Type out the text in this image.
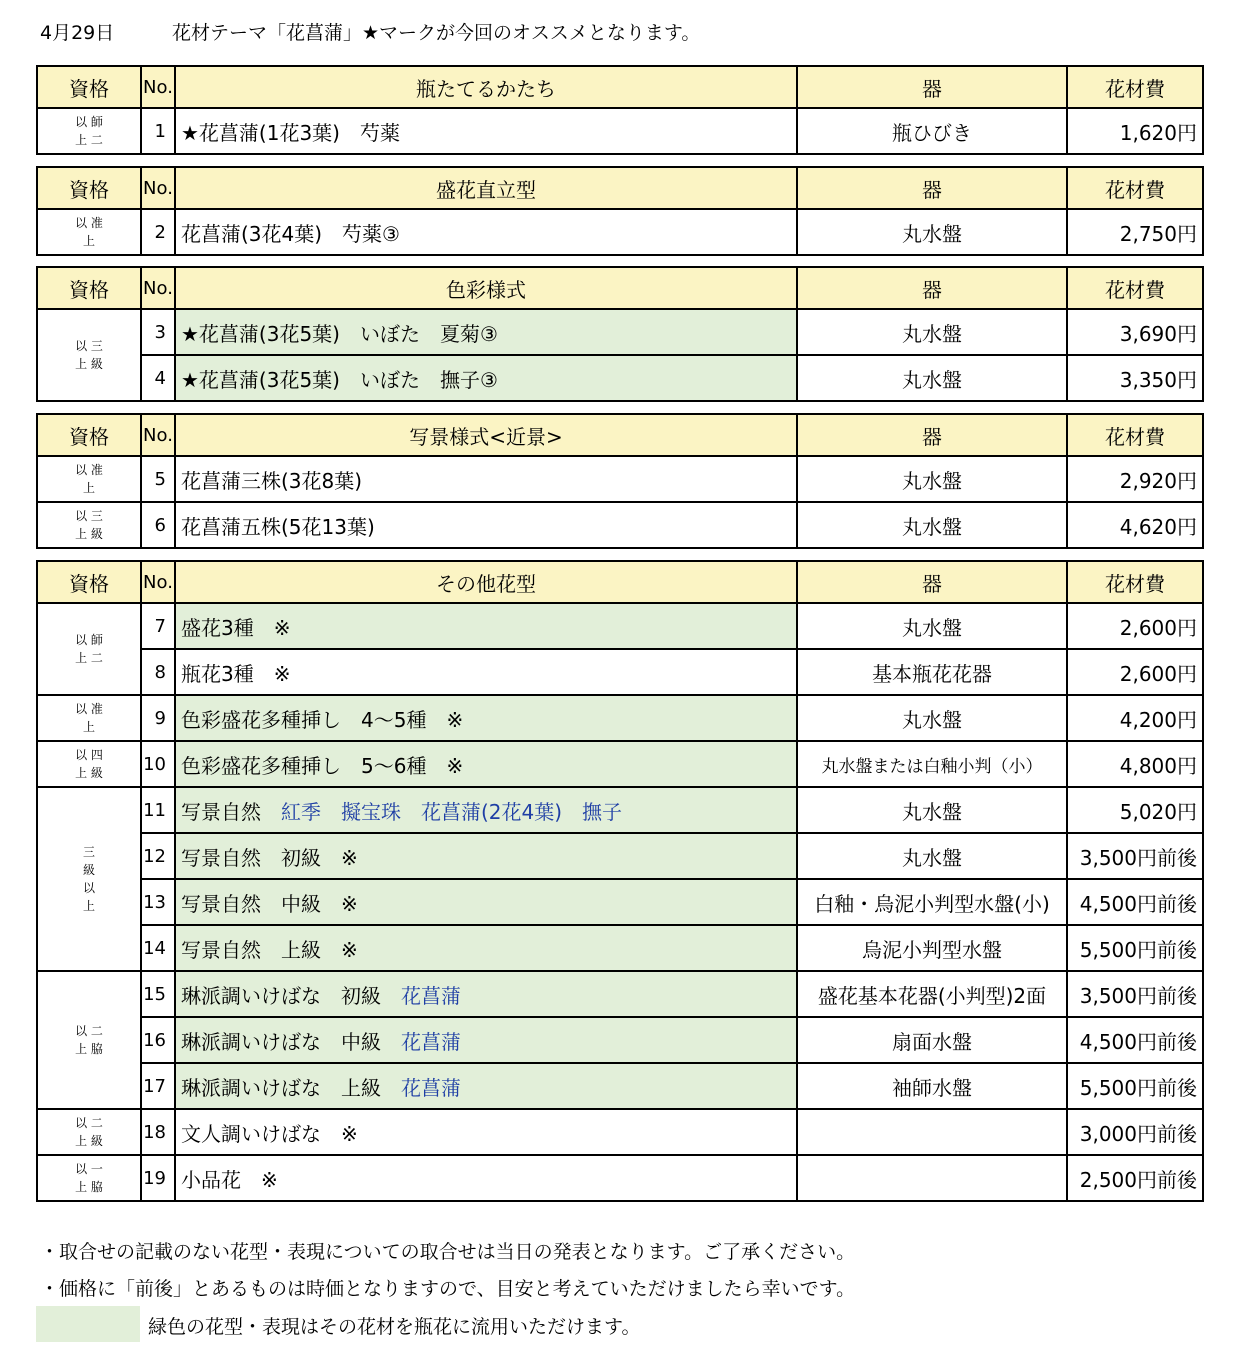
4月29日	花材テーマ「花菖蒲」★マークが今回のオススメとなります。
資格	No.	瓶たてるかたち	器	花材費

以 師
上 二	1	★花菖蒲(1花3葉)　芍薬	瓶ひびき	1,620円
資格	No.	盛花直立型	器	花材費

以 准
上	2	花菖蒲(3花4葉)　芍薬③	丸水盤	2,750円
資格	No.	色彩様式	器	花材費

以 三
上 級	3	★花菖蒲(3花5葉)　いぼた　夏菊③	丸水盤	3,690円
	4	★花菖蒲(3花5葉)　いぼた　撫子③	丸水盤	3,350円
資格	No.	写景様式<近景>	器	花材費

以 准
上	5	花菖蒲三株(3花8葉)	丸水盤	2,920円

以 三
上 級	6	花菖蒲五株(5花13葉)	丸水盤	4,620円
資格	No.	その他花型	器	花材費

以 師
上 二	7	盛花3種　※	丸水盤	2,600円
	8	瓶花3種　※	基本瓶花花器	2,600円

以 准
上	9	色彩盛花多種挿し　4～5種　※	丸水盤	4,200円

以 四
上 級	10	色彩盛花多種挿し　5～6種　※	丸水盤または白釉小判（小）	4,800円

三
級
以
上	11	写景自然　 紅季　擬宝珠　花菖蒲(2花4葉)　撫子	丸水盤	5,020円
	12	写景自然　初級　※	丸水盤	3,500円前後
	13	写景自然　中級　※	白釉・烏泥小判型水盤(小)	4,500円前後
	14	写景自然　上級　※	烏泥小判型水盤	5,500円前後

以 二
上 脇	15	琳派調いけばな　初級　 花菖蒲	盛花基本花器(小判型)2面	3,500円前後
	16	琳派調いけばな　中級　 花菖蒲	扇面水盤	4,500円前後
	17	琳派調いけばな　上級　 花菖蒲	袖師水盤	5,500円前後

以 二
上 級	18	文人調いけばな　※		3,000円前後

以 一
上 脇	19	小品花　※		2,500円前後
・取合せの記載のない花型・表現についての取合せは当日の発表となります。ご了承ください。
・価格に「前後」とあるものは時価となりますので、目安と考えていただけましたら幸いです。
緑色の花型・表現はその花材を瓶花に流用いただけます。
